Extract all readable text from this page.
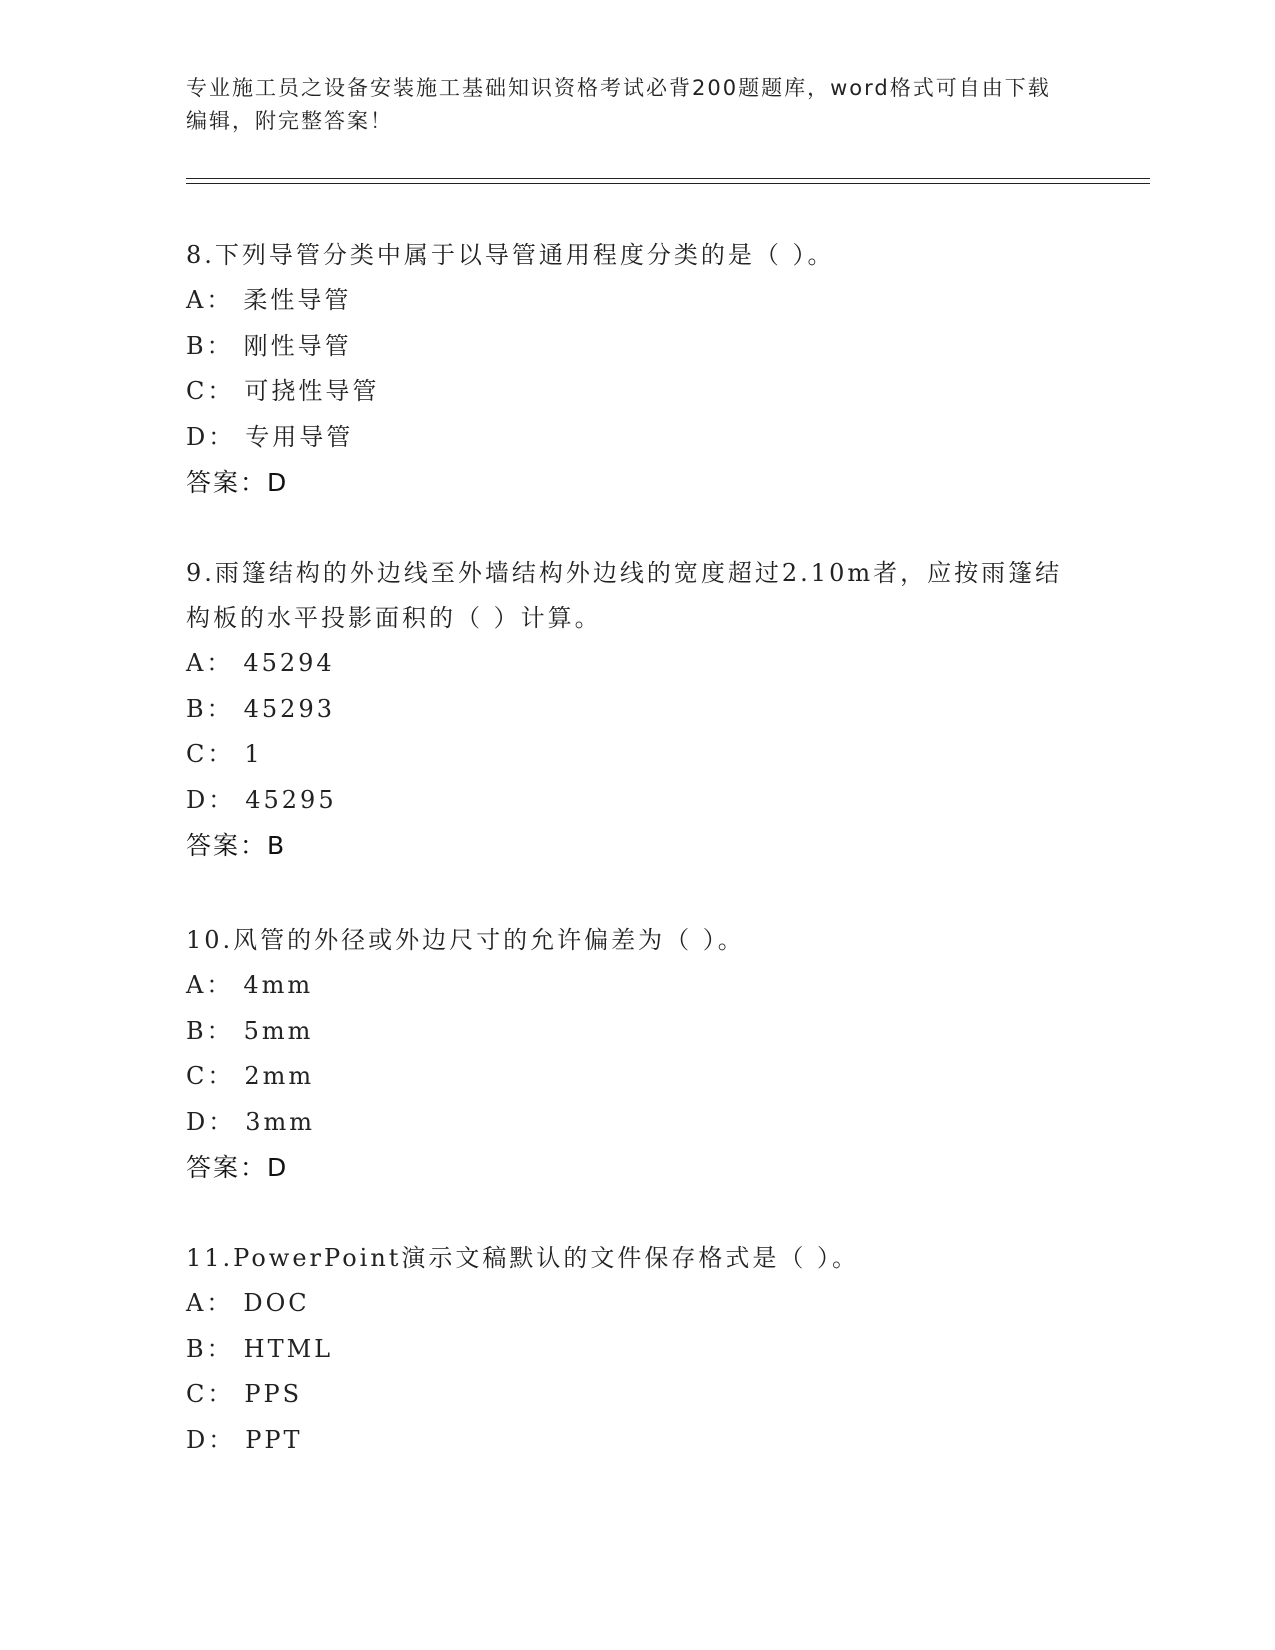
专业施工员之设备安装施工基础知识资格考试必背200题题库，word格式可自由下载编辑，附完整答案！
8.下列导管分类中属于以导管通用程度分类的是（ ）。
A： 柔性导管
B： 刚性导管
C： 可挠性导管
D： 专用导管
答案：D
9.雨篷结构的外边线至外墙结构外边线的宽度超过2.10m者，应按雨篷结构板的水平投影面积的（ ）计算。
A： 45294
B： 45293
C： 1
D： 45295
答案：B
10.风管的外径或外边尺寸的允许偏差为（ ）。
A： 4mm
B： 5mm
C： 2mm
D： 3mm
答案：D
11.PowerPoint演示文稿默认的文件保存格式是（ ）。
A： DOC
B： HTML
C： PPS
D： PPT
